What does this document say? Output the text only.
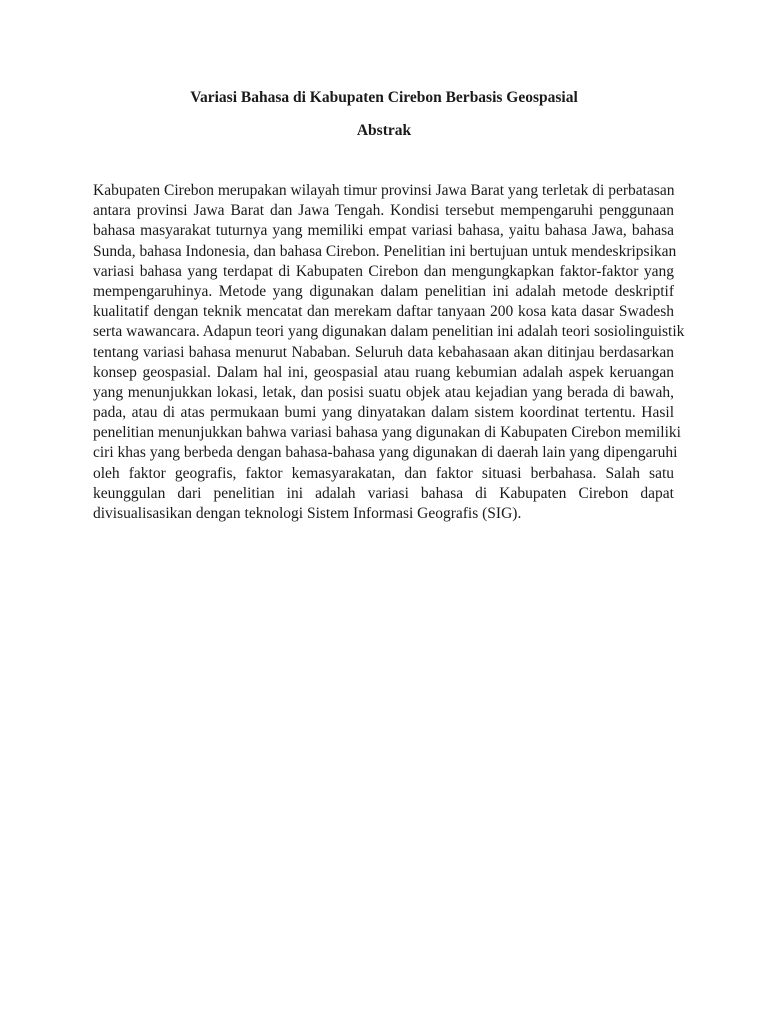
Variasi Bahasa di Kabupaten Cirebon Berbasis Geospasial
Abstrak
Kabupaten Cirebon merupakan wilayah timur provinsi Jawa Barat yang terletak di perbatasan
antara provinsi Jawa Barat dan Jawa Tengah. Kondisi tersebut mempengaruhi penggunaan
bahasa masyarakat tuturnya yang memiliki empat variasi bahasa, yaitu bahasa Jawa, bahasa
Sunda, bahasa Indonesia, dan bahasa Cirebon. Penelitian ini bertujuan untuk mendeskripsikan
variasi bahasa yang terdapat di Kabupaten Cirebon dan mengungkapkan faktor-faktor yang
mempengaruhinya. Metode yang digunakan dalam penelitian ini adalah metode deskriptif
kualitatif dengan teknik mencatat dan merekam daftar tanyaan 200 kosa kata dasar Swadesh
serta wawancara. Adapun teori yang digunakan dalam penelitian ini adalah teori sosiolinguistik
tentang variasi bahasa menurut Nababan. Seluruh data kebahasaan akan ditinjau berdasarkan
konsep geospasial. Dalam hal ini, geospasial atau ruang kebumian adalah aspek keruangan
yang menunjukkan lokasi, letak, dan posisi suatu objek atau kejadian yang berada di bawah,
pada, atau di atas permukaan bumi yang dinyatakan dalam sistem koordinat tertentu. Hasil
penelitian menunjukkan bahwa variasi bahasa yang digunakan di Kabupaten Cirebon memiliki
ciri khas yang berbeda dengan bahasa-bahasa yang digunakan di daerah lain yang dipengaruhi
oleh faktor geografis, faktor kemasyarakatan, dan faktor situasi berbahasa. Salah satu
keunggulan dari penelitian ini adalah variasi bahasa di Kabupaten Cirebon dapat
divisualisasikan dengan teknologi Sistem Informasi Geografis (SIG).
